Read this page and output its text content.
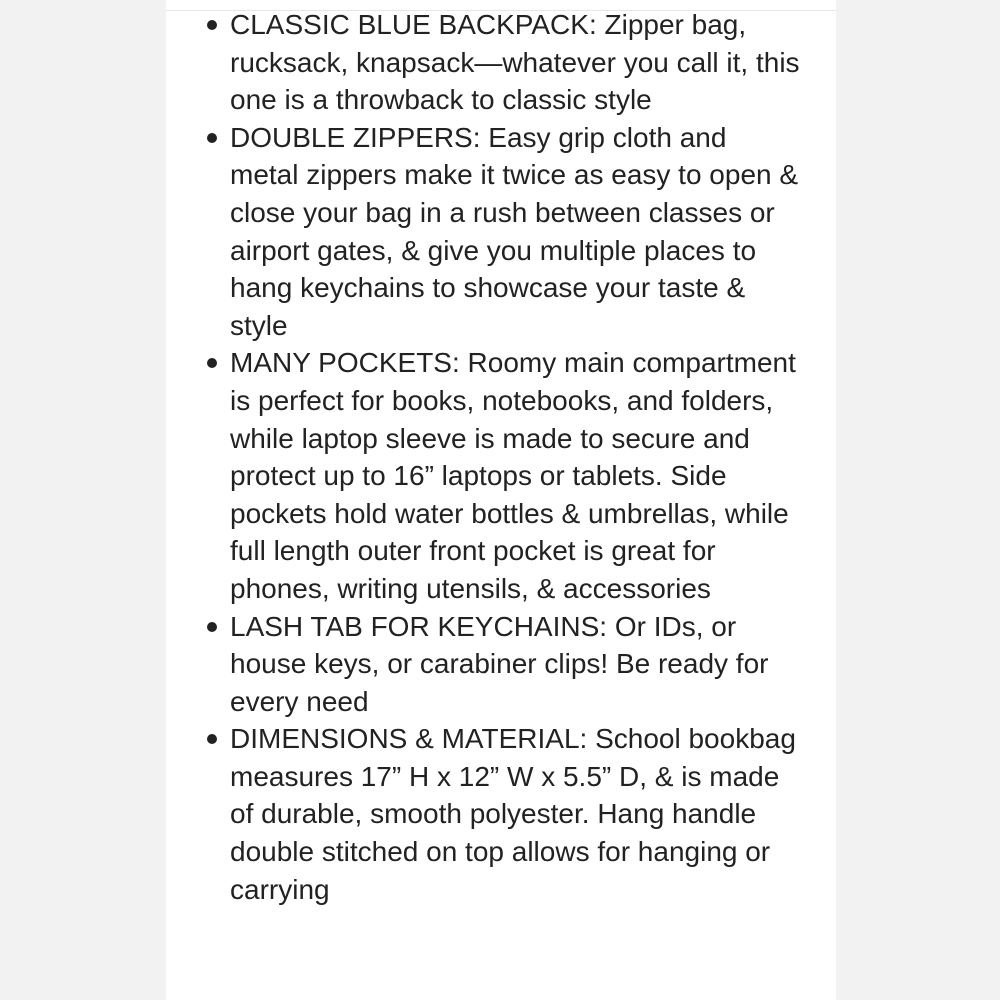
CLASSIC BLUE BACKPACK: Zipper bag, rucksack, knapsack—whatever you call it, this one is a throwback to classic style
DOUBLE ZIPPERS: Easy grip cloth and metal zippers make it twice as easy to open & close your bag in a rush between classes or airport gates, & give you multiple places to hang keychains to showcase your taste & style
MANY POCKETS: Roomy main compartment is perfect for books, notebooks, and folders, while laptop sleeve is made to secure and protect up to 16” laptops or tablets. Side pockets hold water bottles & umbrellas, while full length outer front pocket is great for phones, writing utensils, & accessories
LASH TAB FOR KEYCHAINS: Or IDs, or house keys, or carabiner clips! Be ready for every need
DIMENSIONS & MATERIAL: School bookbag measures 17” H x 12” W x 5.5” D, & is made of durable, smooth polyester. Hang handle double stitched on top allows for hanging or carrying
